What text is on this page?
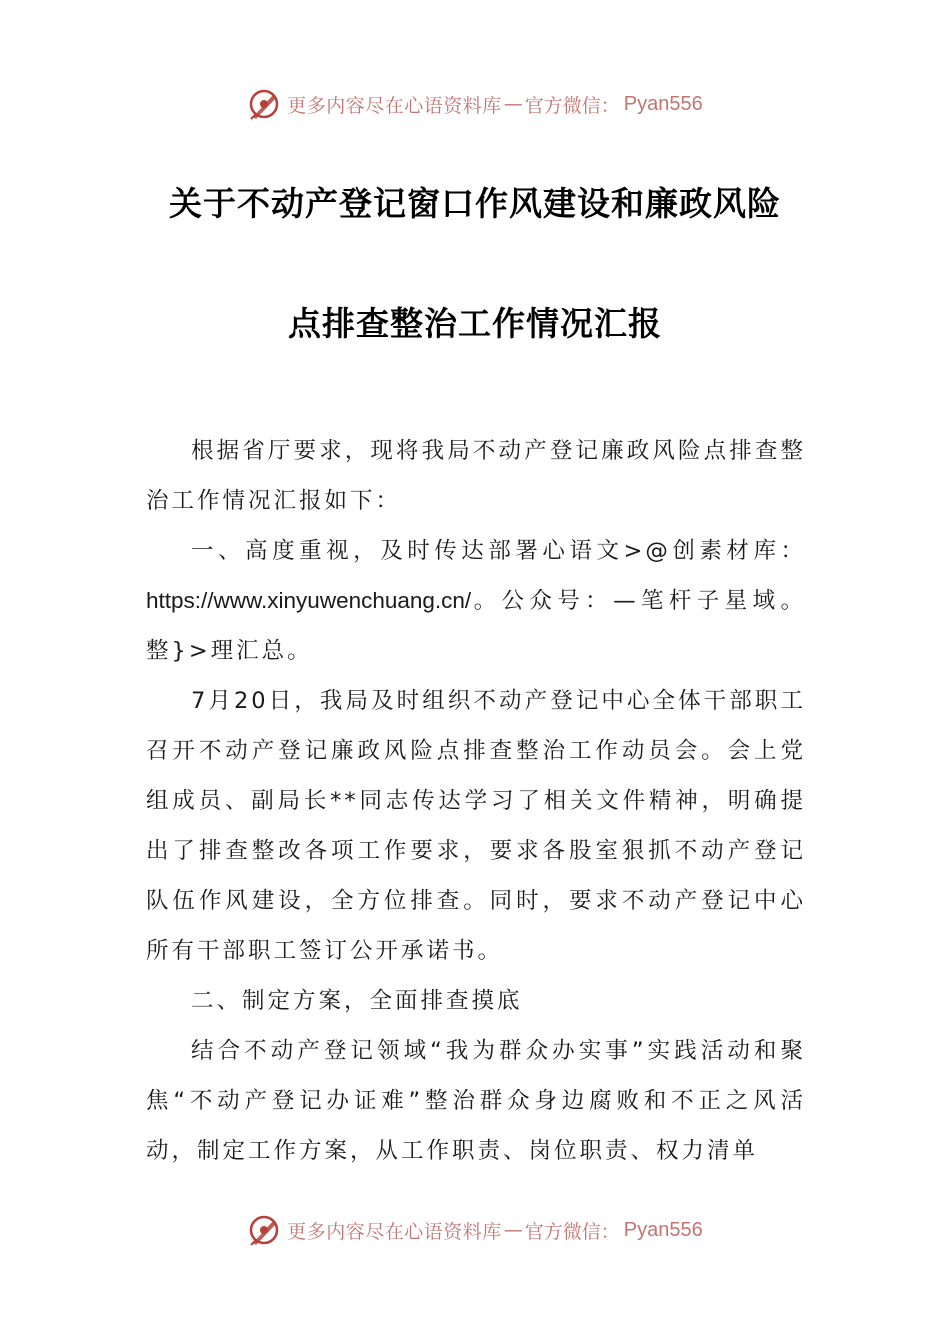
更多内容尽在心语资料库 — 官方微信： Pyan556
关于不动产登记窗口作风建设和廉政风险
点排查整治工作情况汇报

根据省厅要求，现将我局不动产登记廉政风险点排查整治工作情况汇报如下：

一、高度重视，及时传达部署心语文>@创素材库：https://www.xinyuwenchuang.cn/。公众号：—笔杆子星域。整}>理汇总。

7月20日，我局及时组织不动产登记中心全体干部职工召开不动产登记廉政风险点排查整治工作动员会。会上党组成员、副局长**同志传达学习了相关文件精神，明确提出了排查整改各项工作要求，要求各股室狠抓不动产登记队伍作风建设，全方位排查。同时，要求不动产登记中心所有干部职工签订公开承诺书。

二、制定方案，全面排查摸底

结合不动产登记领域“我为群众办实事”实践活动和聚焦“不动产登记办证难”整治群众身边腐败和不正之风活动，制定工作方案，从工作职责、岗位职责、权力清单

更多内容尽在心语资料库 — 官方微信： Pyan556
